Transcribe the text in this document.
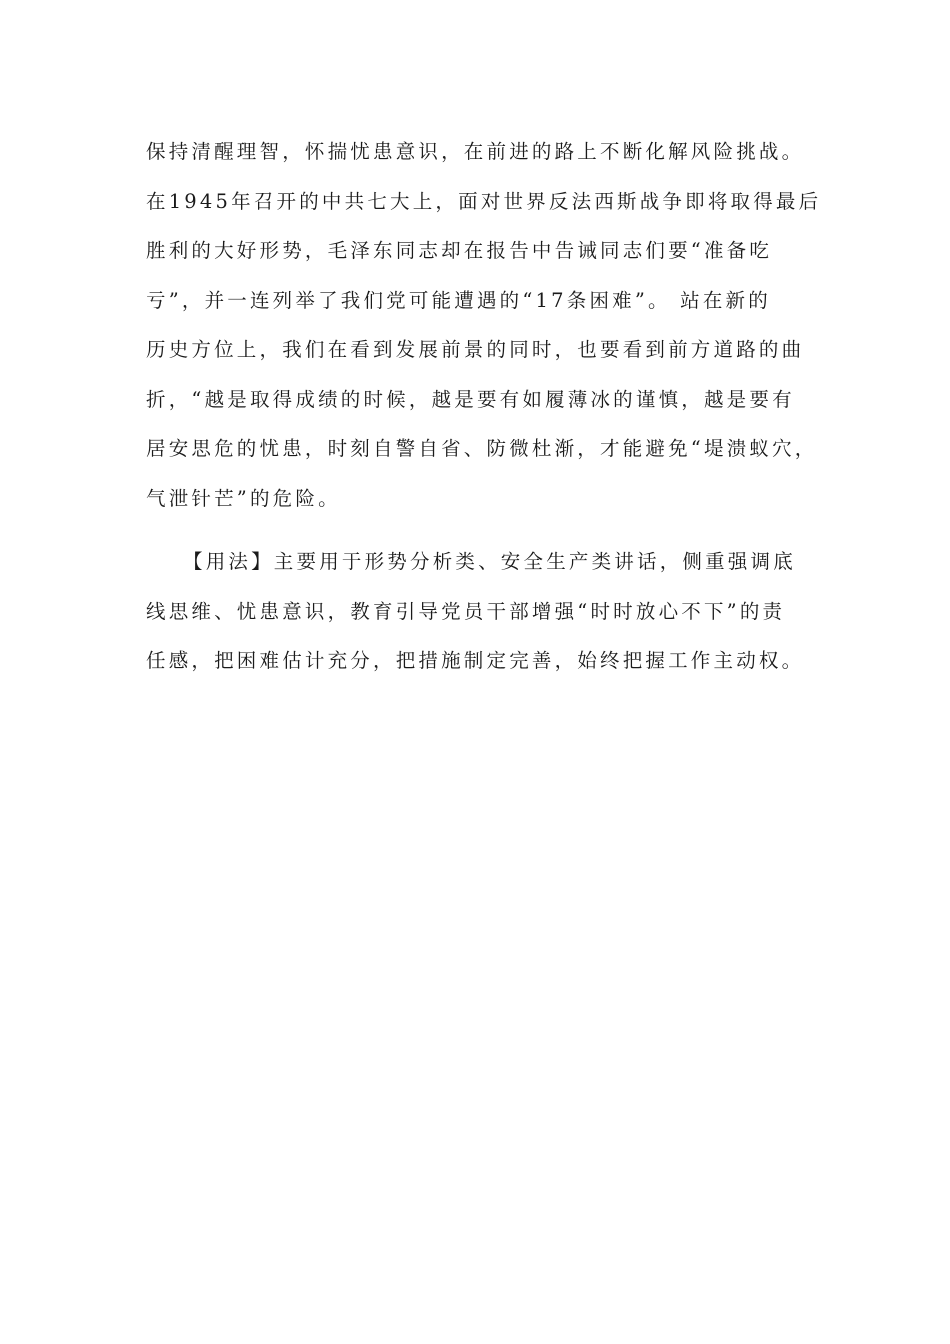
保持清醒理智，怀揣忧患意识，在前进的路上不断化解风险挑战。
在1945年召开的中共七大上，面对世界反法西斯战争即将取得最后
胜利的大好形势，毛泽东同志却在报告中告诫同志们要“准备吃
亏”，并一连列举了我们党可能遭遇的“17条困难”。 站在新的
历史方位上，我们在看到发展前景的同时，也要看到前方道路的曲
折，“越是取得成绩的时候，越是要有如履薄冰的谨慎，越是要有
居安思危的忧患，时刻自警自省、防微杜渐，才能避免“堤溃蚁穴，
气泄针芒”的危险。
【用法】主要用于形势分析类、安全生产类讲话，侧重强调底
线思维、忧患意识，教育引导党员干部增强“时时放心不下”的责
任感，把困难估计充分，把措施制定完善，始终把握工作主动权。
